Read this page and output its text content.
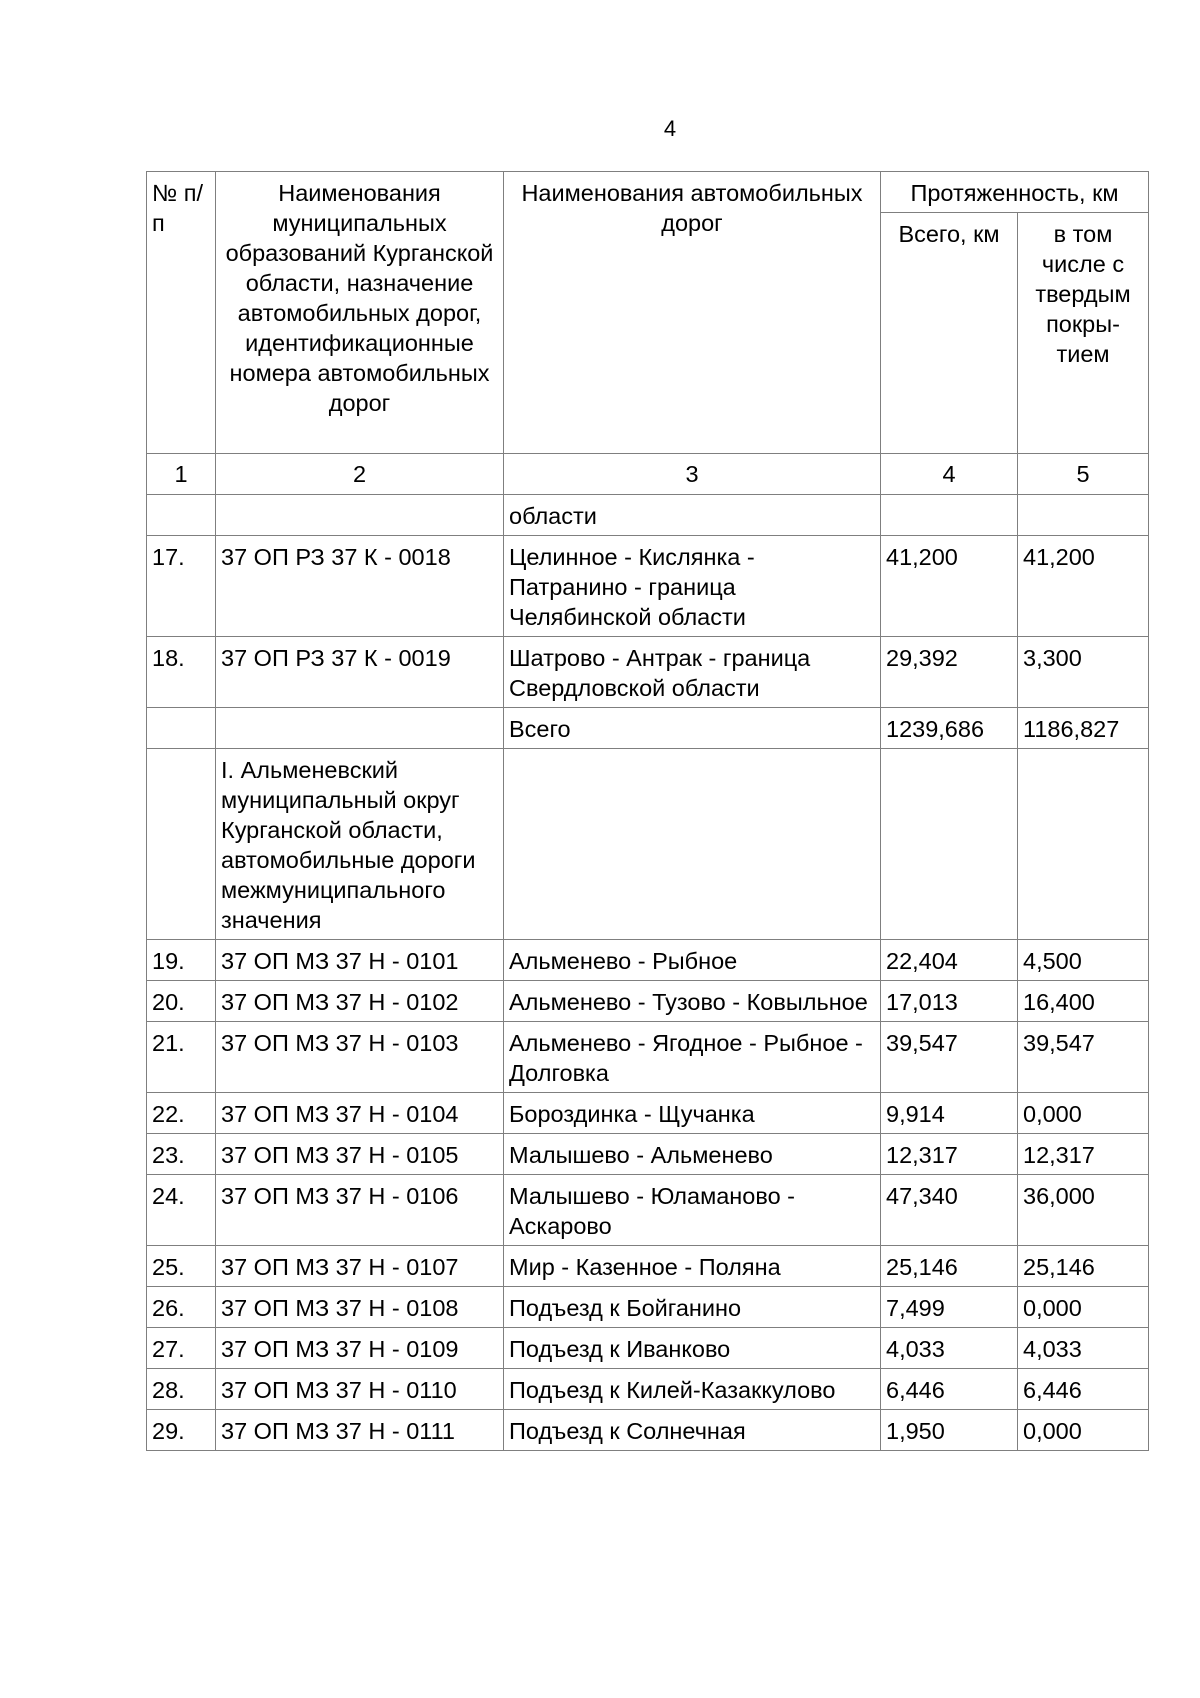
4
№ п/п	Наименования муниципальных образований Курганской области, назначение автомобильных дорог, идентификационные номера автомобильных дорог	Наименования автомобильных дорог	Протяженность, км	
			Всего, км	в том числе с твердым покры- тием
1	2	3	4	5
		области		
17.	37 ОП РЗ 37 К - 0018	Целинное - Кислянка - Патранино - граница Челябинской области	41,200	41,200
18.	37 ОП РЗ 37 К - 0019	Шатрово - Антрак - граница Свердловской области	29,392	3,300
		Всего	1239,686	1186,827
	I. Альменевский муниципальный округ Курганской области, автомобильные дороги межмуниципального значения			
19.	37 ОП МЗ 37 Н - 0101	Альменево - Рыбное	22,404	4,500
20.	37 ОП МЗ 37 Н - 0102	Альменево - Тузово - Ковыльное	17,013	16,400
21.	37 ОП МЗ 37 Н - 0103	Альменево - Ягодное - Рыбное - Долговка	39,547	39,547
22.	37 ОП МЗ 37 Н - 0104	Бороздинка - Щучанка	9,914	0,000
23.	37 ОП МЗ 37 Н - 0105	Малышево - Альменево	12,317	12,317
24.	37 ОП МЗ 37 Н - 0106	Малышево - Юламаново - Аскарово	47,340	36,000
25.	37 ОП МЗ 37 Н - 0107	Мир - Казенное - Поляна	25,146	25,146
26.	37 ОП МЗ 37 Н - 0108	Подъезд к Бойганино	7,499	0,000
27.	37 ОП МЗ 37 Н - 0109	Подъезд к Иванково	4,033	4,033
28.	37 ОП МЗ 37 Н - 0110	Подъезд к Килей-Казаккулово	6,446	6,446
29.	37 ОП МЗ 37 Н - 0111	Подъезд к Солнечная	1,950	0,000
